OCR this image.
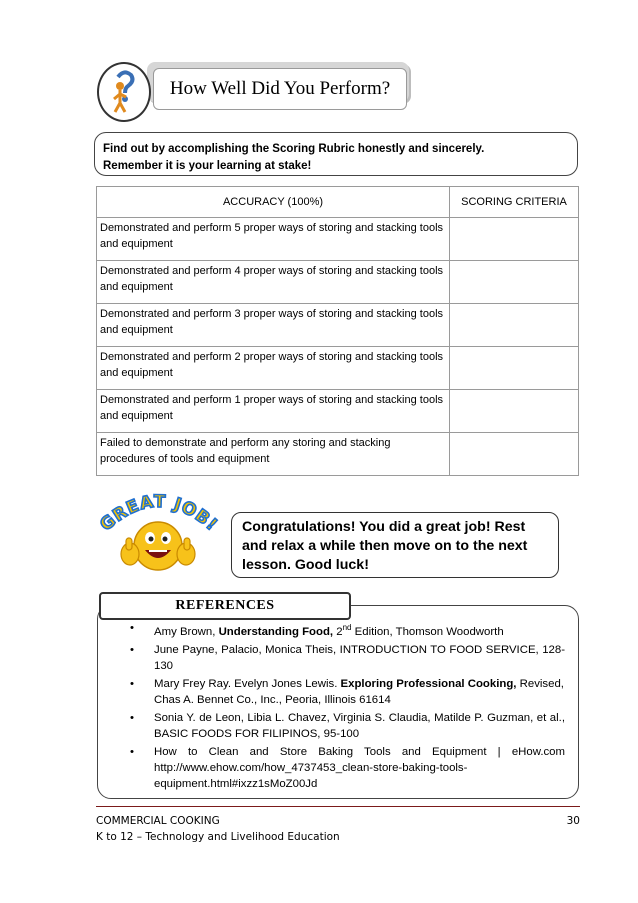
How Well Did You Perform?
Find out by accomplishing the Scoring Rubric honestly and sincerely.
Remember it is your learning at stake!
ACCURACY (100%)	SCORING CRITERIA
Demonstrated and perform 5 proper ways of storing and stacking tools and equipment	
Demonstrated and perform 4 proper ways of storing and stacking tools and equipment	
Demonstrated and perform 3 proper ways of storing and stacking tools and equipment	
Demonstrated and perform 2 proper ways of storing and stacking tools and equipment	
Demonstrated and perform 1 proper ways of storing and stacking tools and equipment	
Failed to demonstrate and perform any storing and stacking procedures of tools and equipment	
GREAT JOB!	Congratulations! You did a great job! Rest and relax a while then move on to the next lesson. Good luck!
REFERENCES
• Amy Brown, Understanding Food, 2nd Edition, Thomson Woodworth
• June Payne, Palacio, Monica Theis, INTRODUCTION TO FOOD SERVICE, 128-130
• Mary Frey Ray. Evelyn Jones Lewis. Exploring Professional Cooking, Revised, Chas A. Bennet Co., Inc., Peoria, Illinois 61614
• Sonia Y. de Leon, Libia L. Chavez, Virginia S. Claudia, Matilde P. Guzman, et al., BASIC FOODS FOR FILIPINOS, 95-100
• How to Clean and Store Baking Tools and Equipment | eHow.com http://www.ehow.com/how_4737453_clean-store-baking-tools-equipment.html#ixzz1sMoZ00Jd
COMMERCIAL COOKING
K to 12 – Technology and Livelihood Education
30
